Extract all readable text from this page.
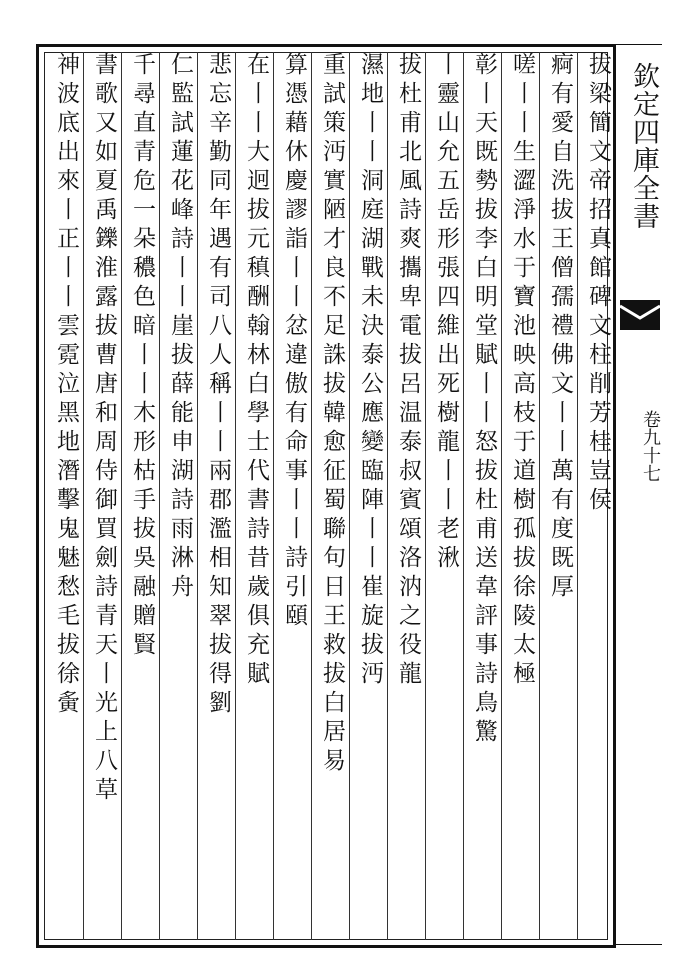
欽定四庫全書
卷九十七
拔梁簡文帝招真館碑文柱削芳桂豈侯
痾有愛自洗拔王僧孺禮佛文丨丨萬有度既厚
嗟丨丨生澀淨水于寶池映高枝于道樹孤拔徐陵太極
彰丨天既勢拔李白明堂賦丨丨怒拔杜甫送韋評事詩鳥驚
丨靈山允五岳形張四維出死樹龍丨丨老湫
拔杜甫北風詩爽攜卑電拔呂温泰叔賓頌洛汭之役龍
濕地丨丨洞庭湖戰未決泰公應變臨陣丨丨崔旋拔沔
重試策沔實陋才良不足誅拔韓愈征蜀聯句日王救拔白居易
算憑藉休慶謬詣丨丨忿違傲有命事丨丨詩引頤
在丨丨大迥拔元稹酬翰林白學士代書詩昔歲俱充賦
悲忘辛勤同年遇有司八人稱丨丨兩郡濫相知翠拔得劉
仁監試蓮花峰詩丨丨崖拔薛能申湖詩雨淋舟
千尋直青危一朵穠色暗丨丨木形枯手拔吳融贈賢
書歌又如夏禹鑠淮露拔曹唐和周侍御買劍詩青天丨光上八草
神波底出來丨正丨丨雲霓泣黑地潛擊鬼魅愁毛拔徐夤
